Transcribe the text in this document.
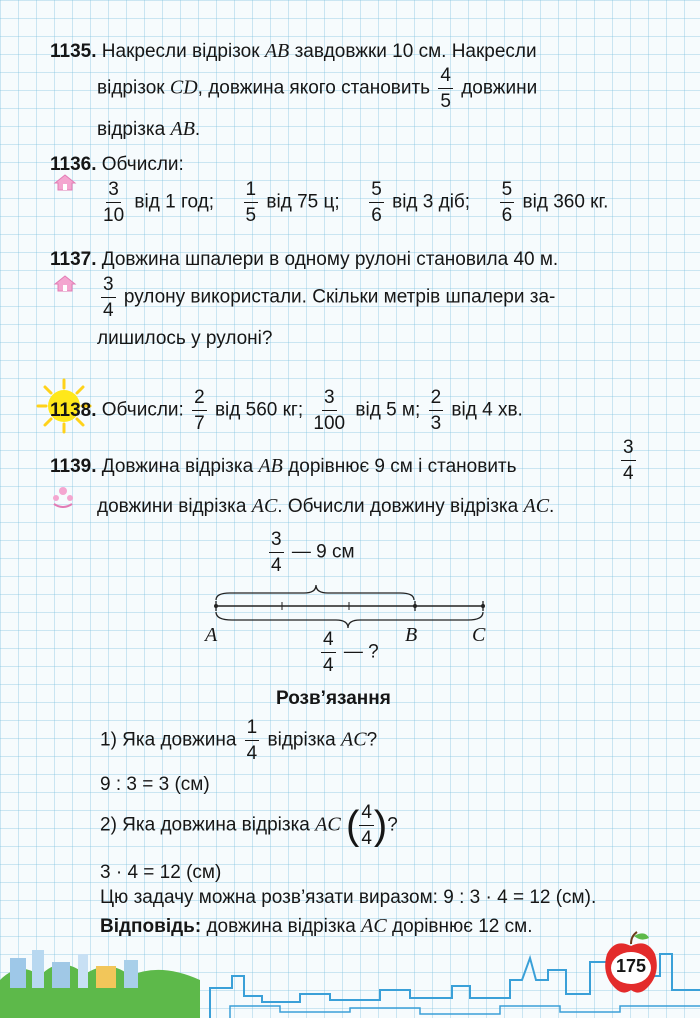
1135. Накресли відрізок AB завдовжки 10 см. Накресли
відрізок CD, довжина якого становить $\frac{4}{5}$ довжини
відрізка AB.
1136. Обчисли:
$\frac{3}{10}$ від 1 год; $\frac{1}{5}$ від 75 ц; $\frac{5}{6}$ від 3 діб; $\frac{5}{6}$ від 360 кг.
1137. Довжина шпалери в одному рулоні становила 40 м.
$\frac{3}{4}$ рулону використали. Скільки метрів шпалери за-
лишилось у рулоні?
1138. Обчисли: $\frac{2}{7}$ від 560 кг; $\frac{3}{100}$ від 5 м; $\frac{2}{3}$ від 4 хв.
1139. Довжина відрізка AB дорівнює 9 см і становить	$\frac{3}{4}$
довжини відрізка AC. Обчисли довжину відрізка AC.
$\frac{3}{4}$ — 9 см
A	B	C
$\frac{4}{4}$ — ?
Розв’язання
1) Яка довжина $\frac{1}{4}$ відрізка AC?
9 : 3 = 3 (см)
2) Яка довжина відрізка AC ( $\frac{4}{4}$ )?
3 · 4 = 12 (см)
Цю задачу можна розв’язати виразом: 9 : 3 · 4 = 12 (см).
Відповідь: довжина відрізка AC дорівнює 12 см.
175
